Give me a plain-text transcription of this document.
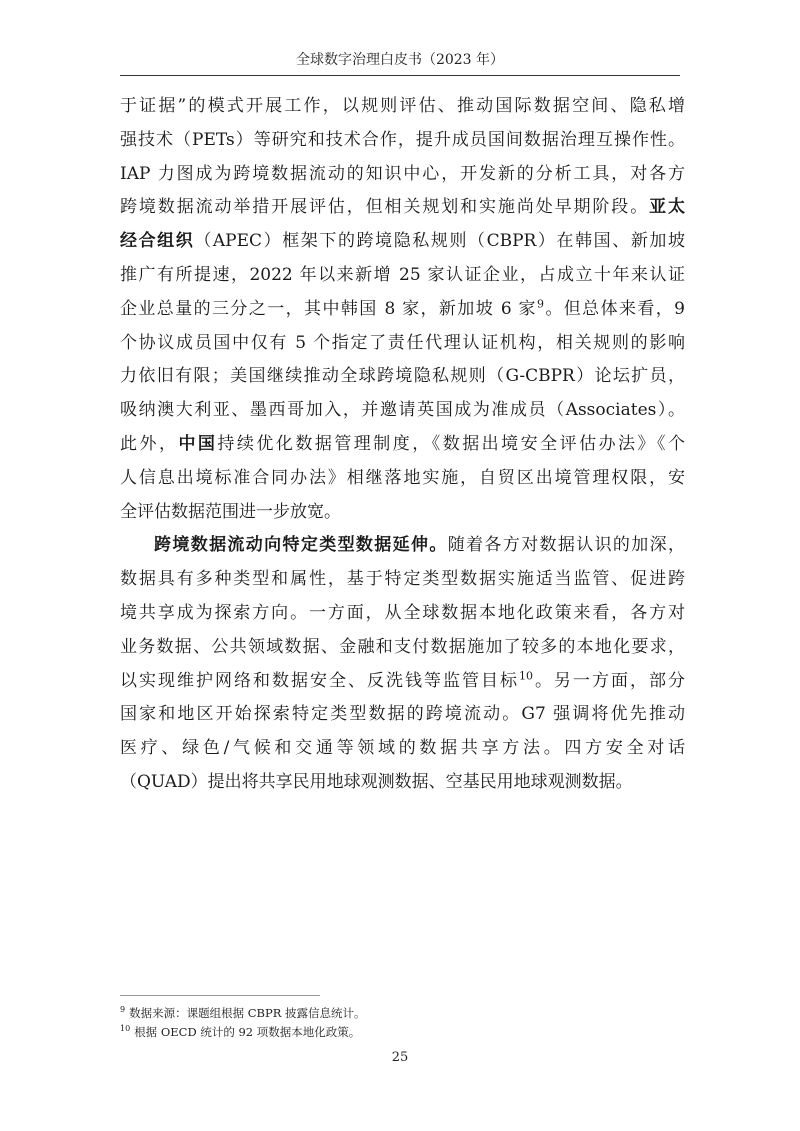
全球数字治理白皮书（2023 年）
于证据”的模式开展工作，以规则评估、推动国际数据空间、隐私增
强技术（PETs）等研究和技术合作，提升成员国间数据治理互操作性。
IAP 力图成为跨境数据流动的知识中心，开发新的分析工具，对各方
跨境数据流动举措开展评估，但相关规划和实施尚处早期阶段。亚太
经合组织（APEC）框架下的跨境隐私规则（CBPR）在韩国、新加坡
推广有所提速，2022 年以来新增 25 家认证企业，占成立十年来认证
企业总量的三分之一，其中韩国 8 家，新加坡 6 家$^9$。但总体来看，9
个协议成员国中仅有 5 个指定了责任代理认证机构，相关规则的影响
力依旧有限；美国继续推动全球跨境隐私规则（G-CBPR）论坛扩员，
吸纳澳大利亚、墨西哥加入，并邀请英国成为准成员（Associates）。
此外，中国持续优化数据管理制度，《数据出境安全评估办法》《个
人信息出境标准合同办法》相继落地实施，自贸区出境管理权限，安
全评估数据范围进一步放宽。
跨境数据流动向特定类型数据延伸。随着各方对数据认识的加深，
数据具有多种类型和属性，基于特定类型数据实施适当监管、促进跨
境共享成为探索方向。一方面，从全球数据本地化政策来看，各方对
业务数据、公共领域数据、金融和支付数据施加了较多的本地化要求，
以实现维护网络和数据安全、反洗钱等监管目标$^{10}$。另一方面，部分
国家和地区开始探索特定类型数据的跨境流动。G7 强调将优先推动
医疗、绿色/气候和交通等领域的数据共享方法。四方安全对话
（QUAD）提出将共享民用地球观测数据、空基民用地球观测数据。
$^9$ 数据来源：课题组根据 CBPR 披露信息统计。
$^{10}$ 根据 OECD 统计的 92 项数据本地化政策。
25
